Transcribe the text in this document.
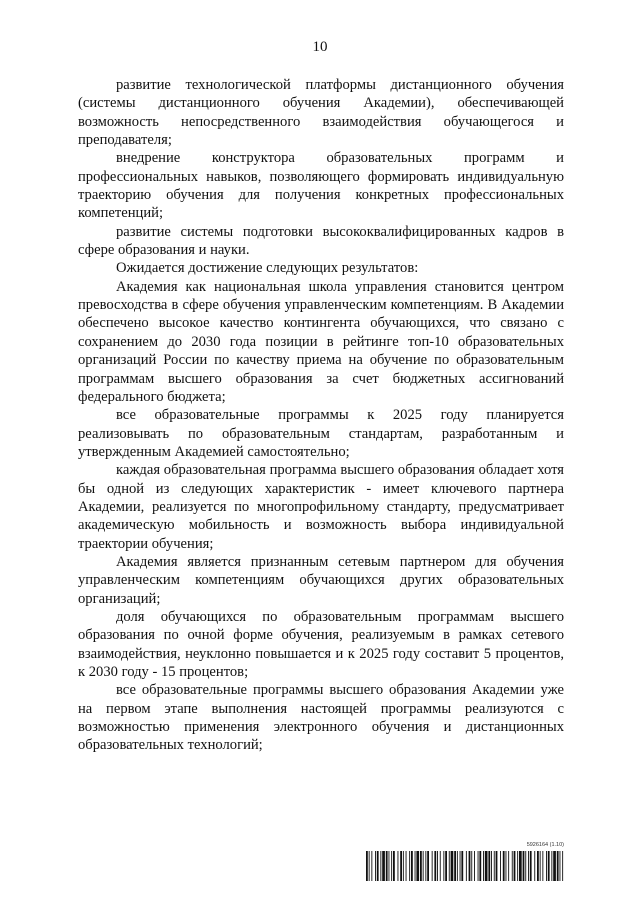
10

развитие технологической платформы дистанционного обучения (системы дистанционного обучения Академии), обеспечивающей возможность непосредственного взаимодействия обучающегося и преподавателя;

внедрение конструктора образовательных программ и профессиональных навыков, позволяющего формировать индивидуальную траекторию обучения для получения конкретных профессиональных компетенций;

развитие системы подготовки высококвалифицированных кадров в сфере образования и науки.

Ожидается достижение следующих результатов:

Академия как национальная школа управления становится центром превосходства в сфере обучения управленческим компетенциям. В Академии обеспечено высокое качество контингента обучающихся, что связано с сохранением до 2030 года позиции в рейтинге топ-10 образовательных организаций России по качеству приема на обучение по образовательным программам высшего образования за счет бюджетных ассигнований федерального бюджета;

все образовательные программы к 2025 году планируется реализовывать по образовательным стандартам, разработанным и утвержденным Академией самостоятельно;

каждая образовательная программа высшего образования обладает хотя бы одной из следующих характеристик - имеет ключевого партнера Академии, реализуется по многопрофильному стандарту, предусматривает академическую мобильность и возможность выбора индивидуальной траектории обучения;

Академия является признанным сетевым партнером для обучения управленческим компетенциям обучающихся других образовательных организаций;

доля обучающихся по образовательным программам высшего образования по очной форме обучения, реализуемым в рамках сетевого взаимодействия, неуклонно повышается и к 2025 году составит 5 процентов, к 2030 году - 15 процентов;

все образовательные программы высшего образования Академии уже на первом этапе выполнения настоящей программы реализуются с возможностью применения электронного обучения и дистанционных образовательных технологий;

5926164 (1.10)
